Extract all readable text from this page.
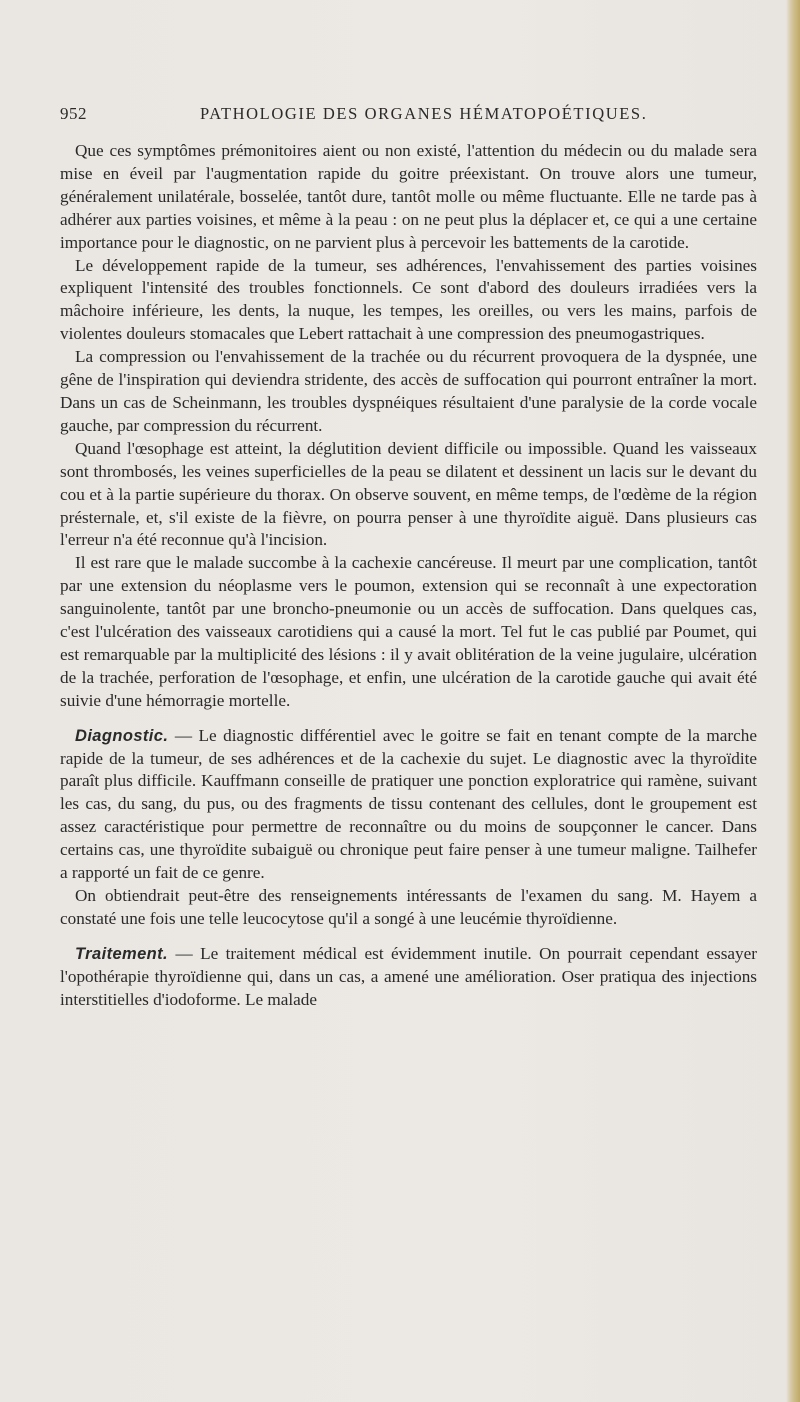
952	PATHOLOGIE DES ORGANES HÉMATOPOÉTIQUES.

Que ces symptômes prémonitoires aient ou non existé, l'attention du médecin ou du malade sera mise en éveil par l'augmentation rapide du goitre préexistant. On trouve alors une tumeur, généralement unilatérale, bosselée, tantôt dure, tantôt molle ou même fluctuante. Elle ne tarde pas à adhérer aux parties voisines, et même à la peau : on ne peut plus la déplacer et, ce qui a une certaine importance pour le diagnostic, on ne parvient plus à percevoir les battements de la carotide.

Le développement rapide de la tumeur, ses adhérences, l'envahissement des parties voisines expliquent l'intensité des troubles fonctionnels. Ce sont d'abord des douleurs irradiées vers la mâchoire inférieure, les dents, la nuque, les tempes, les oreilles, ou vers les mains, parfois de violentes douleurs stomacales que Lebert rattachait à une compression des pneumogastriques.

La compression ou l'envahissement de la trachée ou du récurrent provoquera de la dyspnée, une gêne de l'inspiration qui deviendra stridente, des accès de suffocation qui pourront entraîner la mort. Dans un cas de Scheinmann, les troubles dyspnéiques résultaient d'une paralysie de la corde vocale gauche, par compression du récurrent.

Quand l'œsophage est atteint, la déglutition devient difficile ou impossible. Quand les vaisseaux sont thrombosés, les veines superficielles de la peau se dilatent et dessinent un lacis sur le devant du cou et à la partie supérieure du thorax. On observe souvent, en même temps, de l'œdème de la région présternale, et, s'il existe de la fièvre, on pourra penser à une thyroïdite aiguë. Dans plusieurs cas l'erreur n'a été reconnue qu'à l'incision.

Il est rare que le malade succombe à la cachexie cancéreuse. Il meurt par une complication, tantôt par une extension du néoplasme vers le poumon, extension qui se reconnaît à une expectoration sanguinolente, tantôt par une broncho-pneumonie ou un accès de suffocation. Dans quelques cas, c'est l'ulcération des vaisseaux carotidiens qui a causé la mort. Tel fut le cas publié par Poumet, qui est remarquable par la multiplicité des lésions : il y avait oblitération de la veine jugulaire, ulcération de la trachée, perforation de l'œsophage, et enfin, une ulcération de la carotide gauche qui avait été suivie d'une hémorragie mortelle.

Diagnostic. — Le diagnostic différentiel avec le goitre se fait en tenant compte de la marche rapide de la tumeur, de ses adhérences et de la cachexie du sujet. Le diagnostic avec la thyroïdite paraît plus difficile. Kauffmann conseille de pratiquer une ponction exploratrice qui ramène, suivant les cas, du sang, du pus, ou des fragments de tissu contenant des cellules, dont le groupement est assez caractéristique pour permettre de reconnaître ou du moins de soupçonner le cancer. Dans certains cas, une thyroïdite subaiguë ou chronique peut faire penser à une tumeur maligne. Tailhefer a rapporté un fait de ce genre.

On obtiendrait peut-être des renseignements intéressants de l'examen du sang. M. Hayem a constaté une fois une telle leucocytose qu'il a songé à une leucémie thyroïdienne.

Traitement. — Le traitement médical est évidemment inutile. On pourrait cependant essayer l'opothérapie thyroïdienne qui, dans un cas, a amené une amélioration. Oser pratiqua des injections interstitielles d'iodoforme. Le malade
